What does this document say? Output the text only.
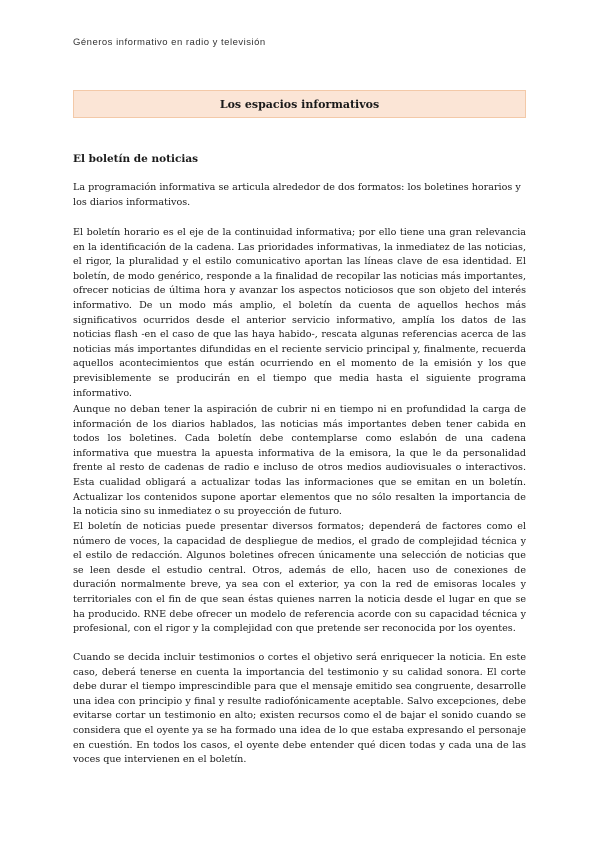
Géneros informativo en radio y televisión
Los espacios informativos
El boletín de noticias

La programación informativa se articula alrededor de dos formatos: los boletines horarios y los diarios informativos.

El boletín horario es el eje de la continuidad informativa; por ello tiene una gran relevancia en la identificación de la cadena. Las prioridades informativas, la inmediatez de las noticias, el rigor, la pluralidad y el estilo comunicativo aportan las líneas clave de esa identidad. El boletín, de modo genérico, responde a la finalidad de recopilar las noticias más importantes, ofrecer noticias de última hora y avanzar los aspectos noticiosos que son objeto del interés informativo. De un modo más amplio, el boletín da cuenta de aquellos hechos más significativos ocurridos desde el anterior servicio informativo, amplía los datos de las noticias flash -en el caso de que las haya habido-, rescata algunas referencias acerca de las noticias más importantes difundidas en el reciente servicio principal y, finalmente, recuerda aquellos acontecimientos que están ocurriendo en el momento de la emisión y los que previsiblemente se producirán en el tiempo que media hasta el siguiente programa informativo.

Aunque no deban tener la aspiración de cubrir ni en tiempo ni en profundidad la carga de información de los diarios hablados, las noticias más importantes deben tener cabida en todos los boletines. Cada boletín debe contemplarse como eslabón de una cadena informativa que muestra la apuesta informativa de la emisora, la que le da personalidad frente al resto de cadenas de radio e incluso de otros medios audiovisuales o interactivos. Esta cualidad obligará a actualizar todas las informaciones que se emitan en un boletín. Actualizar los contenidos supone aportar elementos que no sólo resalten la importancia de la noticia sino su inmediatez o su proyección de futuro.

El boletín de noticias puede presentar diversos formatos; dependerá de factores como el número de voces, la capacidad de despliegue de medios, el grado de complejidad técnica y el estilo de redacción. Algunos boletines ofrecen únicamente una selección de noticias que se leen desde el estudio central. Otros, además de ello, hacen uso de conexiones de duración normalmente breve, ya sea con el exterior, ya con la red de emisoras locales y territoriales con el fin de que sean éstas quienes narren la noticia desde el lugar en que se ha producido. RNE debe ofrecer un modelo de referencia acorde con su capacidad técnica y profesional, con el rigor y la complejidad con que pretende ser reconocida por los oyentes.

Cuando se decida incluir testimonios o cortes el objetivo será enriquecer la noticia. En este caso, deberá tenerse en cuenta la importancia del testimonio y su calidad sonora. El corte debe durar el tiempo imprescindible para que el mensaje emitido sea congruente, desarrolle una idea con principio y final y resulte radiofónicamente aceptable. Salvo excepciones, debe evitarse cortar un testimonio en alto; existen recursos como el de bajar el sonido cuando se considera que el oyente ya se ha formado una idea de lo que estaba expresando el personaje en cuestión. En todos los casos, el oyente debe entender qué dicen todas y cada una de las voces que intervienen en el boletín.
